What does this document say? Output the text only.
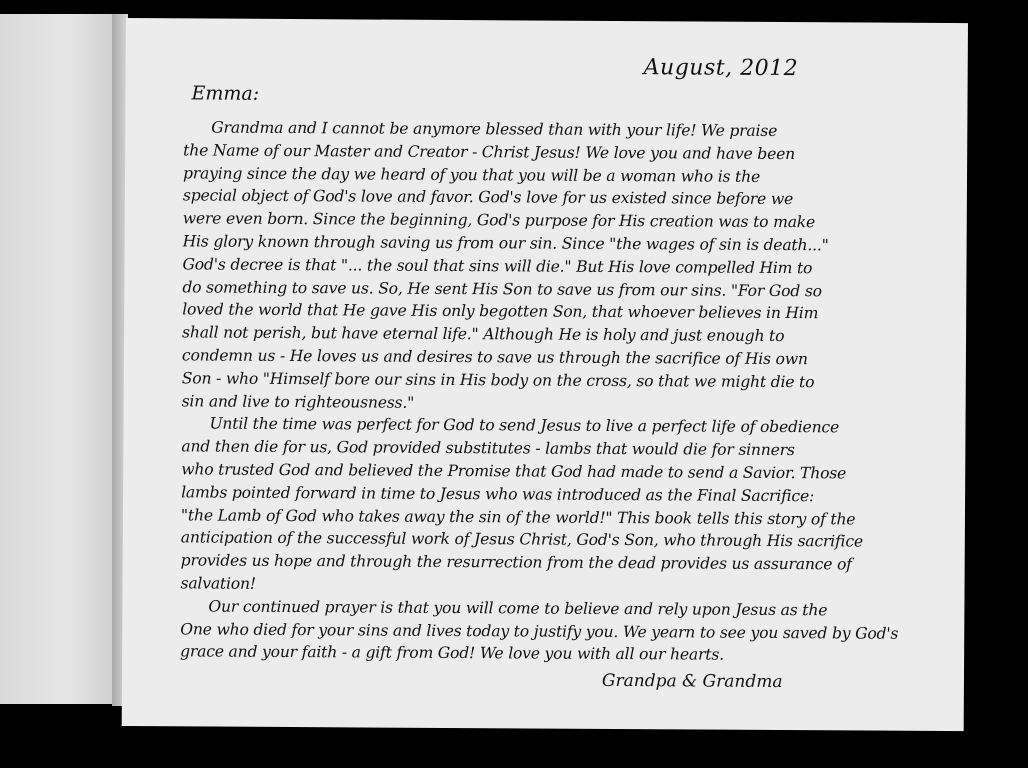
August, 2012
Emma:
Grandma and I cannot be anymore blessed than with your life! We praise
the Name of our Master and Creator - Christ Jesus! We love you and have been
praying since the day we heard of you that you will be a woman who is the
special object of God's love and favor. God's love for us existed since before we
were even born. Since the beginning, God's purpose for His creation was to make
His glory known through saving us from our sin. Since "the wages of sin is death..."
God's decree is that "... the soul that sins will die." But His love compelled Him to
do something to save us. So, He sent His Son to save us from our sins. "For God so
loved the world that He gave His only begotten Son, that whoever believes in Him
shall not perish, but have eternal life." Although He is holy and just enough to
condemn us - He loves us and desires to save us through the sacrifice of His own
Son - who "Himself bore our sins in His body on the cross, so that we might die to
sin and live to righteousness."
Until the time was perfect for God to send Jesus to live a perfect life of obedience
and then die for us, God provided substitutes - lambs that would die for sinners
who trusted God and believed the Promise that God had made to send a Savior. Those
lambs pointed forward in time to Jesus who was introduced as the Final Sacrifice:
"the Lamb of God who takes away the sin of the world!" This book tells this story of the
anticipation of the successful work of Jesus Christ, God's Son, who through His sacrifice
provides us hope and through the resurrection from the dead provides us assurance of
salvation!
Our continued prayer is that you will come to believe and rely upon Jesus as the
One who died for your sins and lives today to justify you. We yearn to see you saved by God's
grace and your faith - a gift from God! We love you with all our hearts.
Grandpa & Grandma
